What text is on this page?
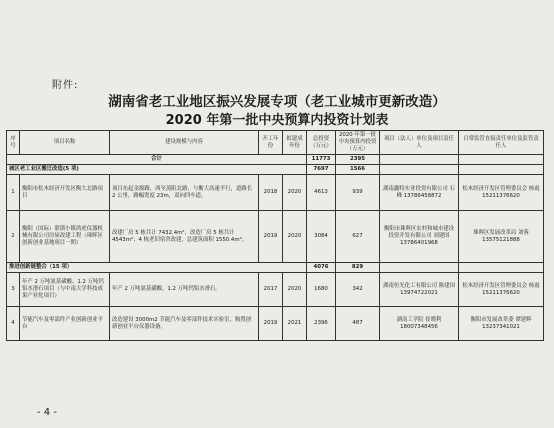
附件:
湖南省老工业地区振兴发展专项（老工业城市更新改造）
2020 年第一批中央预算内投资计划表
序号	项目名称	建设规模与内容	开工年份	拟建成年份	总投资（万元）	2020 年第一批中央预算内投资（万元）	项目（法人）单位及项目责任人	日常监管直接责任单位及监管责任人
合计					11773	2395		
城区老工业区搬迁改造(5 项)					7697	1566		
1	衡阳市松木经济开发区衡大北路项目	项目东起金源路，西至蒸阳北路，与衡大高速平行，道路长 2 公里，路幅宽度 23m，双向四车道。	2018	2020	4613	939	湖南鑫特实业投资有限公司 石峰 13786458872	松木经济开发区管理委员会 杨霞 15211376620
2	衡阳（国际）联锁小镇鸿虎仪器机械有限公司房屋改建工程（珠晖区创新创业基地项目一期）	改建厂房 5 栋共计 7432.4m²，改造厂房 5 栋共计 4543m²；4 栋老旧宿舍改建，总建筑面积 1550.4m²。	2019	2020	3084	627	衡阳市珠晖区农村和城市建设投资开发有限公司 刘建国 13786401968	珠晖区发展改革局 刘蓉 13575121888
推进创新链整合（15 项）					4076	829		
3	年产 2 万吨氨基磺酸、1.2 万吨钙铝水滑石项目（与中南大学科技成果产业化项目）	年产 2 万吨氨基磺酸、1.2 万吨钙铝水滑石。	2017	2020	1680	342	湖南恒光化工有限公司 陈建国 13974722021	松木经济开发区管理委员会 杨霞 15211376620
4	节能汽车及零部件产业创新创业平台	改造建设 3000m2 节能汽车及零部件技术实验室，购置创新创业平台仪器设备。	2019	2021	2396	487	湖南工学院 崔晓利 18007348456	衡阳市发展改革委 谭建辉 13237341021
- 4 -
